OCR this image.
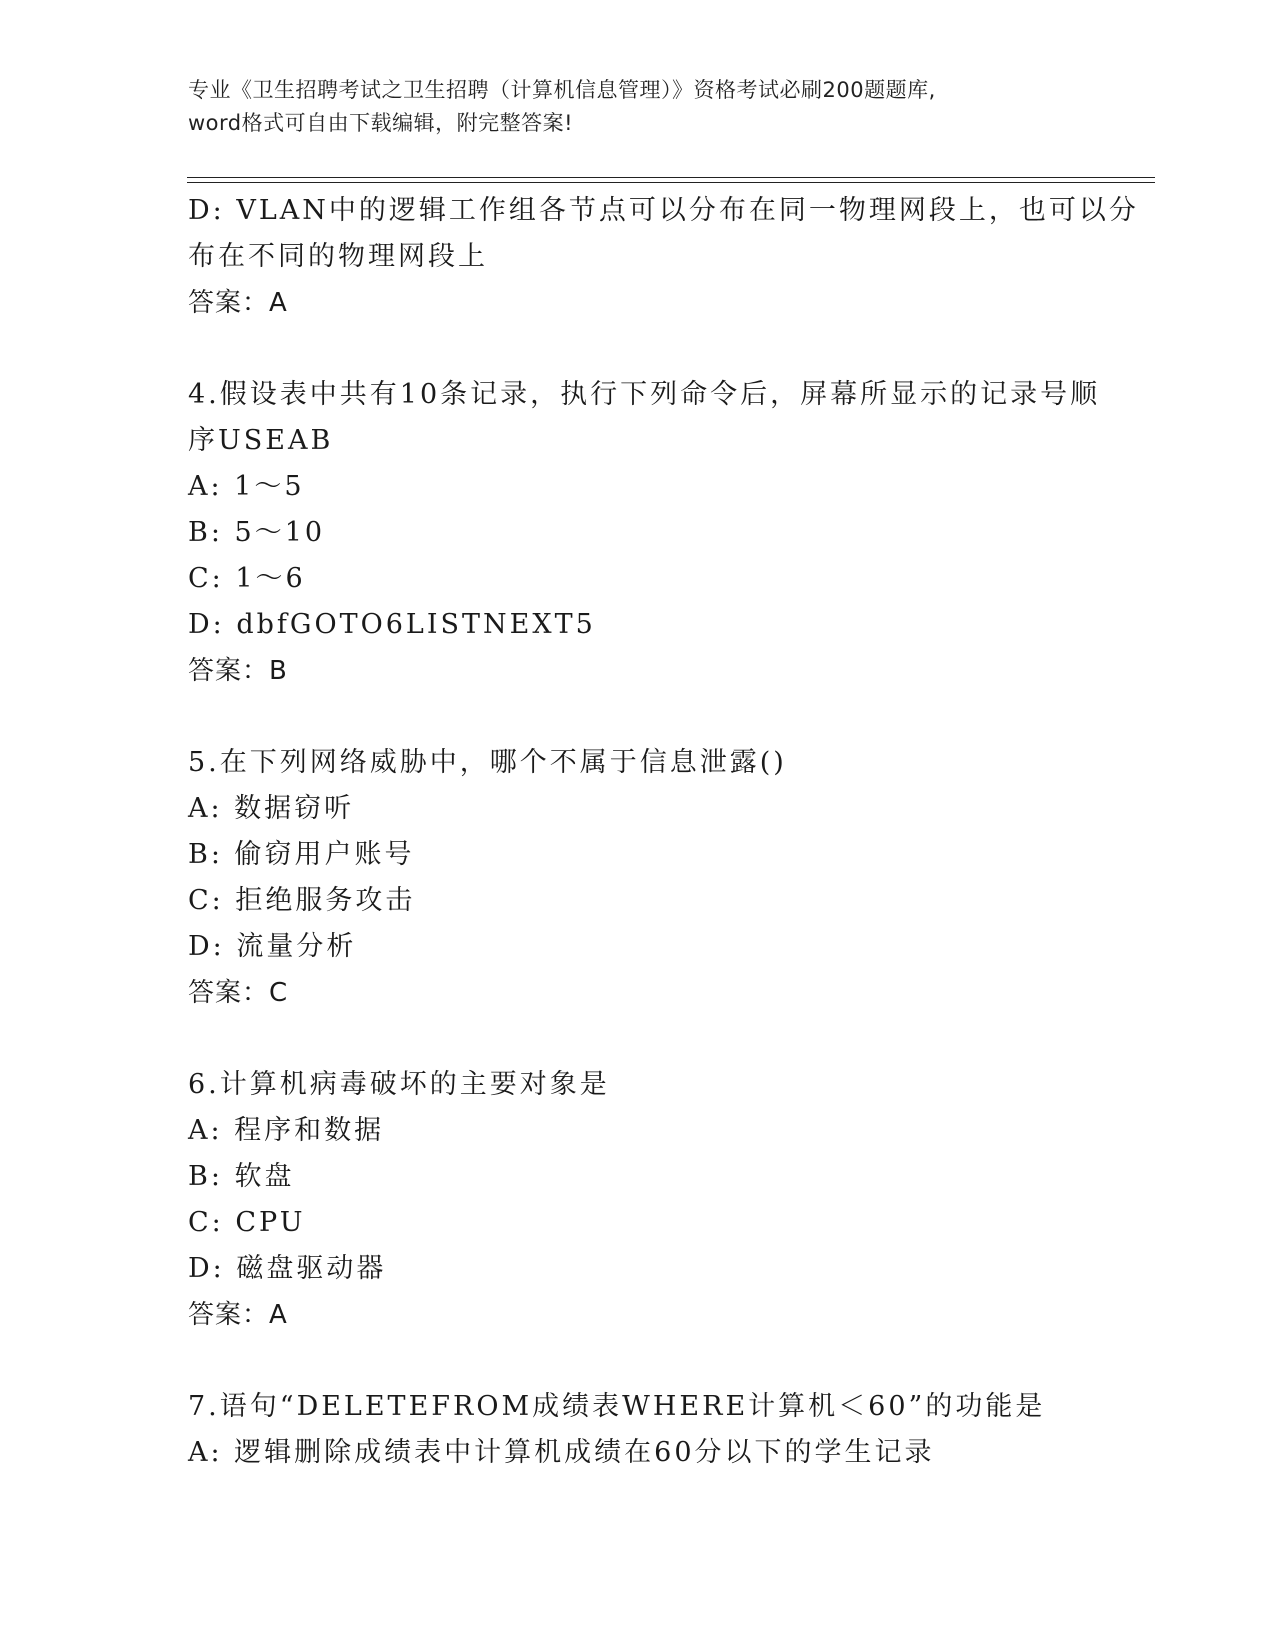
专业《卫生招聘考试之卫生招聘（计算机信息管理）》资格考试必刷200题题库,
word格式可自由下载编辑，附完整答案!
D: VLAN中的逻辑工作组各节点可以分布在同一物理网段上，也可以分
布在不同的物理网段上
答案：A
4.假设表中共有10条记录，执行下列命令后，屏幕所显示的记录号顺
序USEAB
A: 1～5
B: 5～10
C: 1～6
D: dbfGOTO6LISTNEXT5
答案：B
5.在下列网络威胁中，哪个不属于信息泄露()
A: 数据窃听
B: 偷窃用户账号
C: 拒绝服务攻击
D: 流量分析
答案：C
6.计算机病毒破坏的主要对象是
A: 程序和数据
B: 软盘
C: CPU
D: 磁盘驱动器
答案：A
7.语句“DELETEFROM成绩表WHERE计算机＜60”的功能是
A: 逻辑删除成绩表中计算机成绩在60分以下的学生记录
